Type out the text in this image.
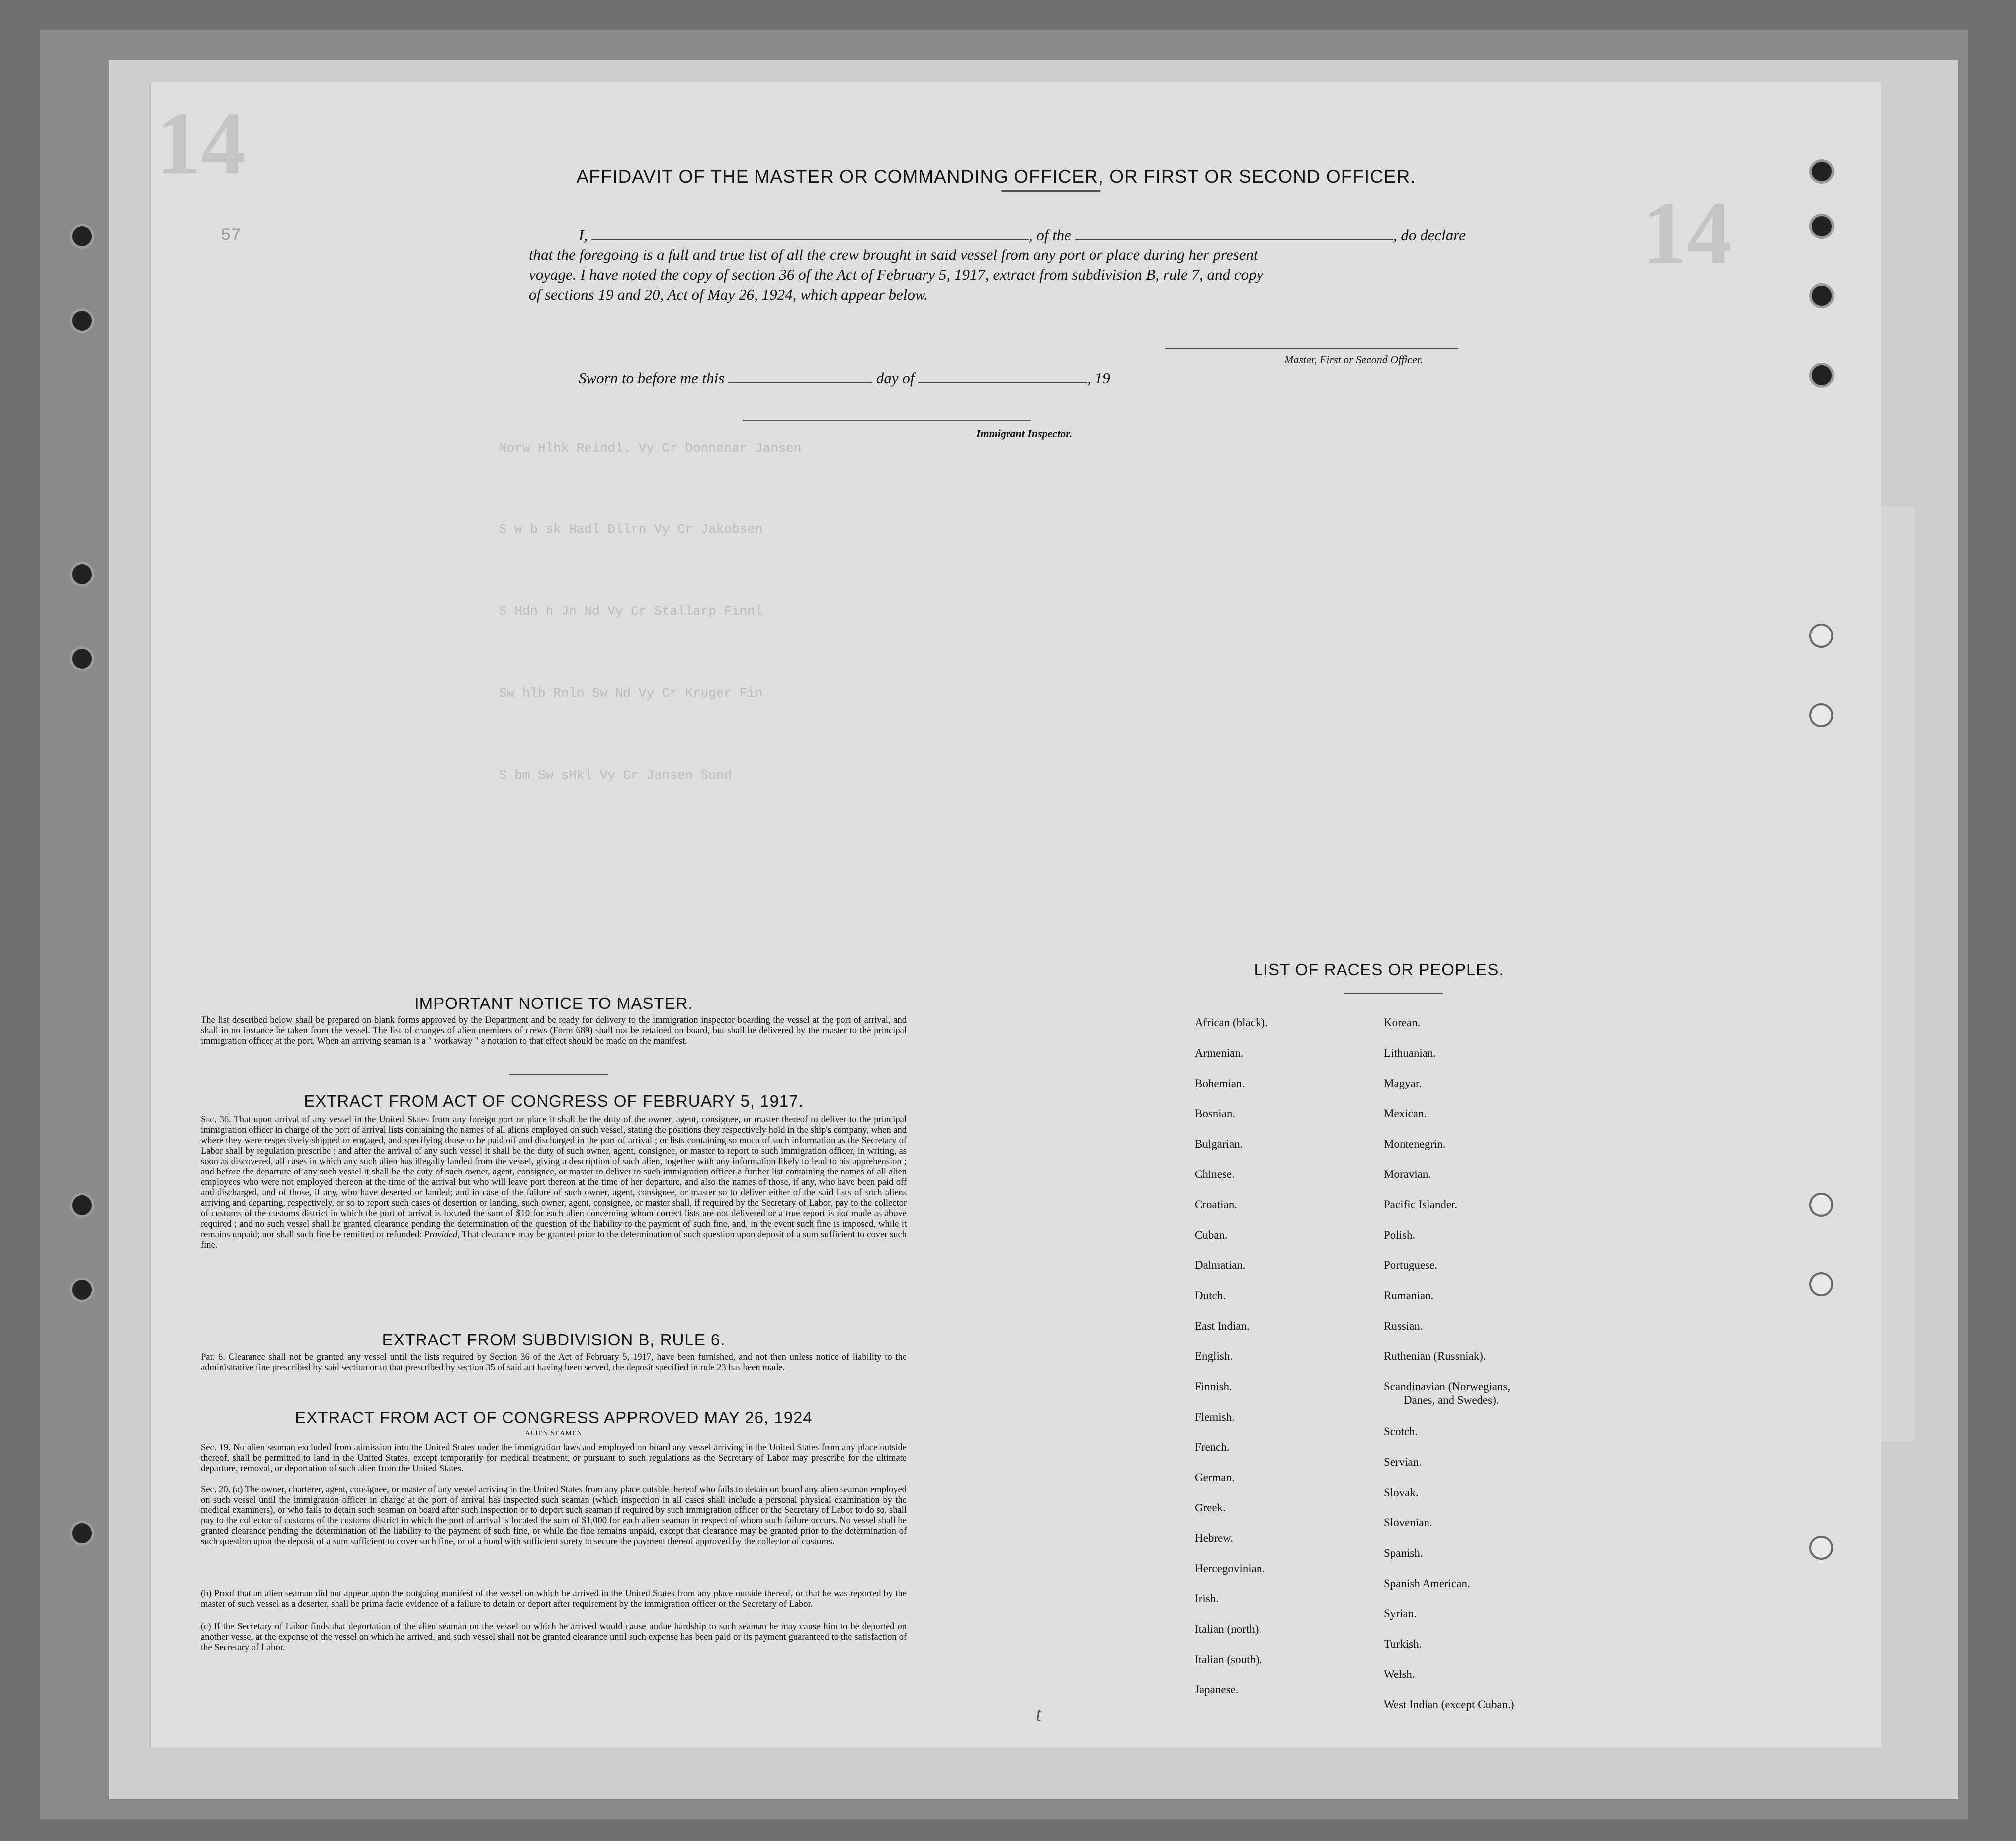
14
14
57
Norw Hlhk Reindl. Vy Cr Donnenar Jansen
S w b sk Hadl Dllrn Vy Cr Jakobsen
S Hdn h Jn Nd Vy Cr Stallarp Finnl
Sw hlb Rnln Sw Nd Vy Cr Kruger Fin
S bm Sw sHkl Vy Cr Jansen Sund
AFFIDAVIT OF THE MASTER OR COMMANDING OFFICER, OR FIRST OR SECOND OFFICER.
I,	, of the	, do declare
that the foregoing is a full and true list of all the crew brought in said vessel from any port or place during her present
voyage. I have noted the copy of section 36 of the Act of February 5, 1917, extract from subdivision B, rule 7, and copy
of sections 19 and 20, Act of May 26, 1924, which appear below.
Master, First or Second Officer.
Sworn to before me this	day of	, 19
Immigrant Inspector.
IMPORTANT NOTICE TO MASTER.
The list described below shall be prepared on blank forms approved by the Department and be ready for delivery to the immigration inspector boarding the vessel at the port of arrival, and shall in no instance be taken from the vessel. The list of changes of alien members of crews (Form 689) shall not be retained on board, but shall be delivered by the master to the principal immigration officer at the port. When an arriving seaman is a " workaway " a notation to that effect should be made on the manifest.
EXTRACT FROM ACT OF CONGRESS OF FEBRUARY 5, 1917.
Sec. 36. That upon arrival of any vessel in the United States from any foreign port or place it shall be the duty of the owner, agent, consignee, or master thereof to deliver to the principal immigration officer in charge of the port of arrival lists containing the names of all aliens employed on such vessel, stating the positions they respectively hold in the ship's company, when and where they were respectively shipped or engaged, and specifying those to be paid off and discharged in the port of arrival ; or lists containing so much of such information as the Secretary of Labor shall by regulation prescribe ; and after the arrival of any such vessel it shall be the duty of such owner, agent, consignee, or master to report to such immigration officer, in writing, as soon as discovered, all cases in which any such alien has illegally landed from the vessel, giving a description of such alien, together with any information likely to lead to his apprehension ; and before the departure of any such vessel it shall be the duty of such owner, agent, consignee, or master to deliver to such immigration officer a further list containing the names of all alien employees who were not employed thereon at the time of the arrival but who will leave port thereon at the time of her departure, and also the names of those, if any, who have been paid off and discharged, and of those, if any, who have deserted or landed; and in case of the failure of such owner, agent, consignee, or master so to deliver either of the said lists of such aliens arriving and departing, respectively, or so to report such cases of desertion or landing, such owner, agent, consignee, or master shall, if required by the Secretary of Labor, pay to the collector of customs of the customs district in which the port of arrival is located the sum of $10 for each alien concerning whom correct lists are not delivered or a true report is not made as above required ; and no such vessel shall be granted clearance pending the determination of the question of the liability to the payment of such fine, and, in the event such fine is imposed, while it remains unpaid; nor shall such fine be remitted or refunded: Provided, That clearance may be granted prior to the determination of such question upon deposit of a sum sufficient to cover such fine.
EXTRACT FROM SUBDIVISION B, RULE 6.
Par. 6. Clearance shall not be granted any vessel until the lists required by Section 36 of the Act of February 5, 1917, have been furnished, and not then unless notice of liability to the administrative fine prescribed by said section or to that prescribed by section 35 of said act having been served, the deposit specified in rule 23 has been made.
EXTRACT FROM ACT OF CONGRESS APPROVED MAY 26, 1924
ALIEN SEAMEN
Sec. 19. No alien seaman excluded from admission into the United States under the immigration laws and employed on board any vessel arriving in the United States from any place outside thereof, shall be permitted to land in the United States, except temporarily for medical treatment, or pursuant to such regulations as the Secretary of Labor may prescribe for the ultimate departure, removal, or deportation of such alien from the United States.
Sec. 20. (a) The owner, charterer, agent, consignee, or master of any vessel arriving in the United States from any place outside thereof who fails to detain on board any alien seaman employed on such vessel until the immigration officer in charge at the port of arrival has inspected such seaman (which inspection in all cases shall include a personal physical examination by the medical examiners), or who fails to detain such seaman on board after such inspection or to deport such seaman if required by such immigration officer or the Secretary of Labor to do so, shall pay to the collector of customs of the customs district in which the port of arrival is located the sum of $1,000 for each alien seaman in respect of whom such failure occurs. No vessel shall be granted clearance pending the determination of the liability to the payment of such fine, or while the fine remains unpaid, except that clearance may be granted prior to the determination of such question upon the deposit of a sum sufficient to cover such fine, or of a bond with sufficient surety to secure the payment thereof approved by the collector of customs.
(b) Proof that an alien seaman did not appear upon the outgoing manifest of the vessel on which he arrived in the United States from any place outside thereof, or that he was reported by the master of such vessel as a deserter, shall be prima facie evidence of a failure to detain or deport after requirement by the immigration officer or the Secretary of Labor.
(c) If the Secretary of Labor finds that deportation of the alien seaman on the vessel on which he arrived would cause undue hardship to such seaman he may cause him to be deported on another vessel at the expense of the vessel on which he arrived, and such vessel shall not be granted clearance until such expense has been paid or its payment guaranteed to the satisfaction of the Secretary of Labor.
LIST OF RACES OR PEOPLES.
t
African (black).
Armenian.
Bohemian.
Bosnian.
Bulgarian.
Chinese.
Croatian.
Cuban.
Dalmatian.
Dutch.
East Indian.
English.
Finnish.
Flemish.
French.
German.
Greek.
Hebrew.
Hercegovinian.
Irish.
Italian (north).
Italian (south).
Japanese.
Korean.
Lithuanian.
Magyar.
Mexican.
Montenegrin.
Moravian.
Pacific Islander.
Polish.
Portuguese.
Rumanian.
Russian.
Ruthenian (Russniak).
Scandinavian (Norwegians,
Scotch.
Servian.
Slovak.
Slovenian.
Spanish.
Spanish American.
Syrian.
Turkish.
Welsh.
West Indian (except Cuban.)
Danes, and Swedes).
